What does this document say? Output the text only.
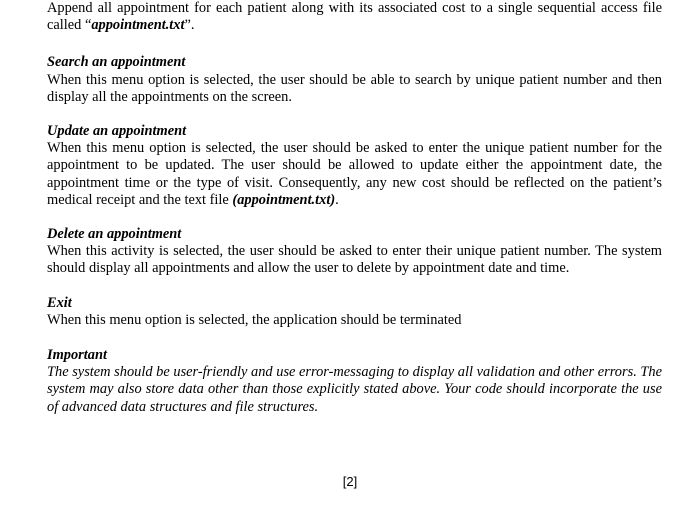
Append all appointment for each patient along with its associated cost to a single sequential access file called “appointment.txt”.

Search an appointment

When this menu option is selected, the user should be able to search by unique patient number and then display all the appointments on the screen.

Update an appointment

When this menu option is selected, the user should be asked to enter the unique patient number for the appointment to be updated. The user should be allowed to update either the appointment date, the appointment time or the type of visit. Consequently, any new cost should be reflected on the patient’s medical receipt and the text file (appointment.txt).

Delete an appointment

When this activity is selected, the user should be asked to enter their unique patient number. The system should display all appointments and allow the user to delete by appointment date and time.

Exit

When this menu option is selected, the application should be terminated

Important

The system should be user-friendly and use error-messaging to display all validation and other errors. The system may also store data other than those explicitly stated above. Your code should incorporate the use of advanced data structures and file structures.

[2]
